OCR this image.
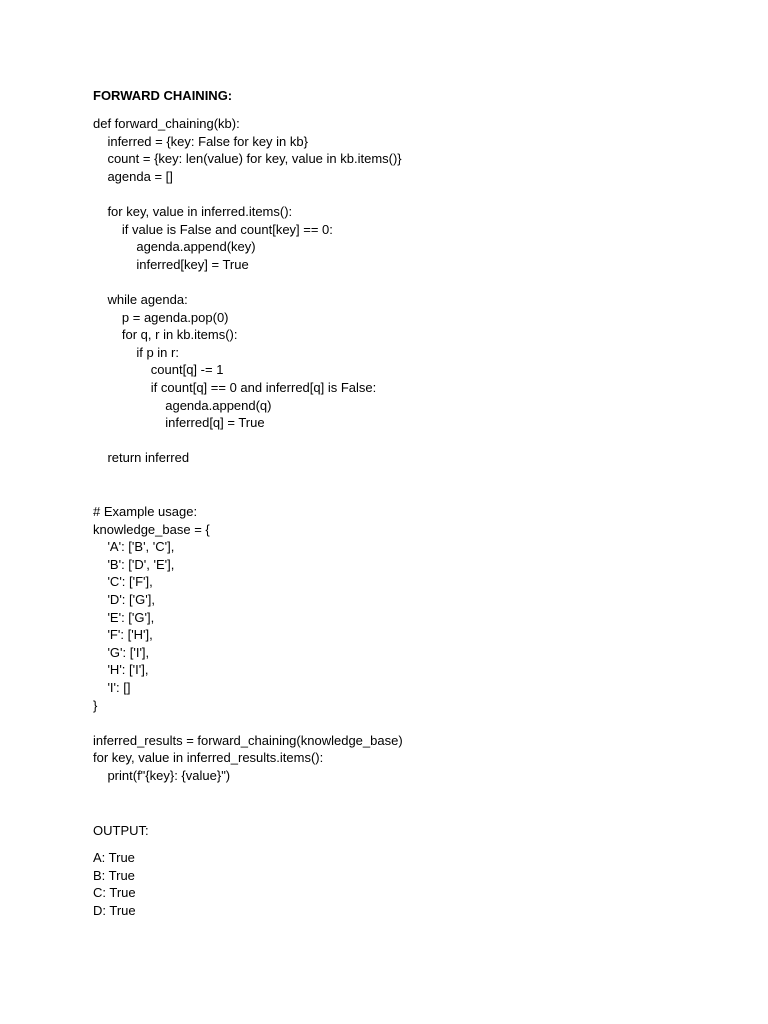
FORWARD CHAINING:
def forward_chaining(kb):
inferred = {key: False for key in kb}
count = {key: len(value) for key, value in kb.items()}
agenda = []
for key, value in inferred.items():
if value is False and count[key] == 0:
agenda.append(key)
inferred[key] = True
while agenda:
p = agenda.pop(0)
for q, r in kb.items():
if p in r:
count[q] -= 1
if count[q] == 0 and inferred[q] is False:
agenda.append(q)
inferred[q] = True
return inferred
# Example usage:
knowledge_base = {
'A': ['B', 'C'],
'B': ['D', 'E'],
'C': ['F'],
'D': ['G'],
'E': ['G'],
'F': ['H'],
'G': ['I'],
'H': ['I'],
'I': []
}
inferred_results = forward_chaining(knowledge_base)
for key, value in inferred_results.items():
print(f"{key}: {value}")
OUTPUT:
A: True
B: True
C: True
D: True
